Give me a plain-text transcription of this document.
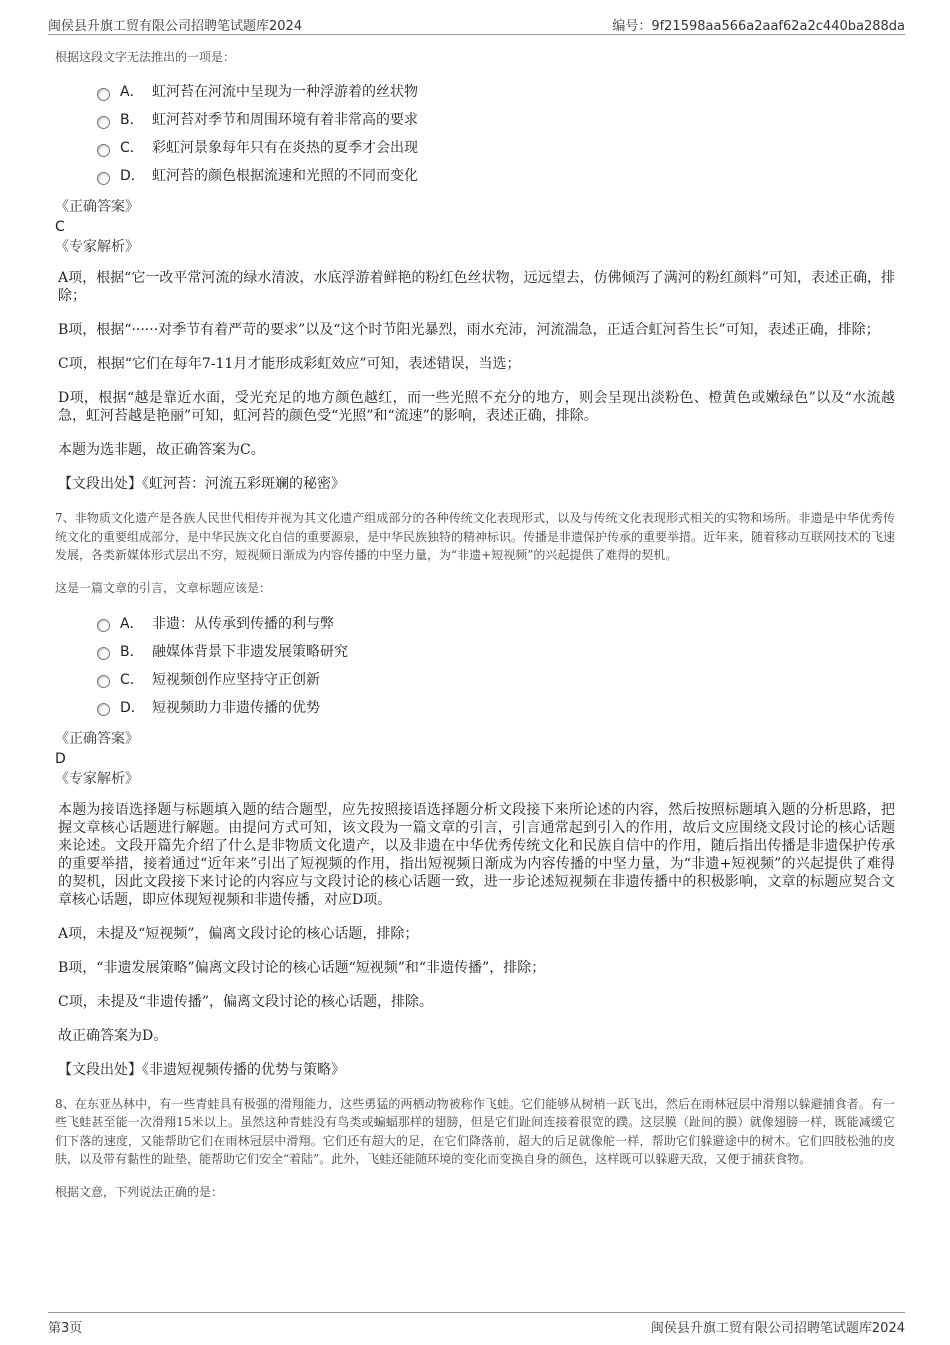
闽侯县升旗工贸有限公司招聘笔试题库2024	编号：9f21598aa566a2aaf62a2c440ba288da

根据这段文字无法推出的一项是：

A． 虹河苔在河流中呈现为一种浮游着的丝状物
B． 虹河苔对季节和周围环境有着非常高的要求
C． 彩虹河景象每年只有在炎热的夏季才会出现
D． 虹河苔的颜色根据流速和光照的不同而变化

《正确答案》

C

《专家解析》

A项，根据“它一改平常河流的绿水清波，水底浮游着鲜艳的粉红色丝状物，远远望去，仿佛倾泻了满河的粉红颜料”可知，表述正确，排除；

B项，根据“······对季节有着严苛的要求”以及“这个时节阳光暴烈，雨水充沛，河流湍急，正适合虹河苔生长”可知，表述正确，排除；

C项，根据“它们在每年7-11月才能形成彩虹效应”可知，表述错误，当选；

D项，根据“越是靠近水面，受光充足的地方颜色越红，而一些光照不充分的地方，则会呈现出淡粉色、橙黄色或嫩绿色”以及“水流越急，虹河苔越是艳丽”可知，虹河苔的颜色受“光照”和“流速”的影响，表述正确，排除。

本题为选非题，故正确答案为C。

【文段出处】《虹河苔：河流五彩斑斓的秘密》

7、非物质文化遗产是各族人民世代相传并视为其文化遗产组成部分的各种传统文化表现形式，以及与传统文化表现形式相关的实物和场所。非遗是中华优秀传统文化的重要组成部分，是中华民族文化自信的重要源泉，是中华民族独特的精神标识。传播是非遗保护传承的重要举措。近年来，随着移动互联网技术的飞速发展，各类新媒体形式层出不穷，短视频日渐成为内容传播的中坚力量，为“非遗+短视频”的兴起提供了难得的契机。

这是一篇文章的引言，文章标题应该是：

A． 非遗：从传承到传播的利与弊
B． 融媒体背景下非遗发展策略研究
C． 短视频创作应坚持守正创新
D． 短视频助力非遗传播的优势

《正确答案》

D

《专家解析》

本题为接语选择题与标题填入题的结合题型，应先按照接语选择题分析文段接下来所论述的内容，然后按照标题填入题的分析思路，把握文章核心话题进行解题。由提问方式可知，该文段为一篇文章的引言，引言通常起到引入的作用，故后文应围绕文段讨论的核心话题来论述。文段开篇先介绍了什么是非物质文化遗产，以及非遗在中华优秀传统文化和民族自信中的作用，随后指出传播是非遗保护传承的重要举措，接着通过“近年来”引出了短视频的作用，指出短视频日渐成为内容传播的中坚力量，为“非遗+短视频”的兴起提供了难得的契机，因此文段接下来讨论的内容应与文段讨论的核心话题一致，进一步论述短视频在非遗传播中的积极影响，文章的标题应契合文章核心话题，即应体现短视频和非遗传播，对应D项。

A项，未提及“短视频”，偏离文段讨论的核心话题，排除；

B项，“非遗发展策略”偏离文段讨论的核心话题“短视频”和“非遗传播”，排除；

C项，未提及“非遗传播”，偏离文段讨论的核心话题，排除。

故正确答案为D。

【文段出处】《非遗短视频传播的优势与策略》

8、在东亚丛林中，有一些青蛙具有极强的滑翔能力，这些勇猛的两栖动物被称作飞蛙。它们能够从树梢一跃飞出，然后在雨林冠层中滑翔以躲避捕食者。有一些飞蛙甚至能一次滑翔15米以上。虽然这种青蛙没有鸟类或蝙蝠那样的翅膀，但是它们趾间连接着很宽的蹼。这层膜（趾间的膜）就像翅膀一样，既能减缓它们下落的速度，又能帮助它们在雨林冠层中滑翔。它们还有超大的足，在它们降落前，超大的后足就像舵一样，帮助它们躲避途中的树木。它们四肢松弛的皮肤，以及带有黏性的趾垫，能帮助它们安全“着陆”。此外，飞蛙还能随环境的变化而变换自身的颜色，这样既可以躲避天敌，又便于捕获食物。

根据文意，下列说法正确的是：

第3页	闽侯县升旗工贸有限公司招聘笔试题库2024
